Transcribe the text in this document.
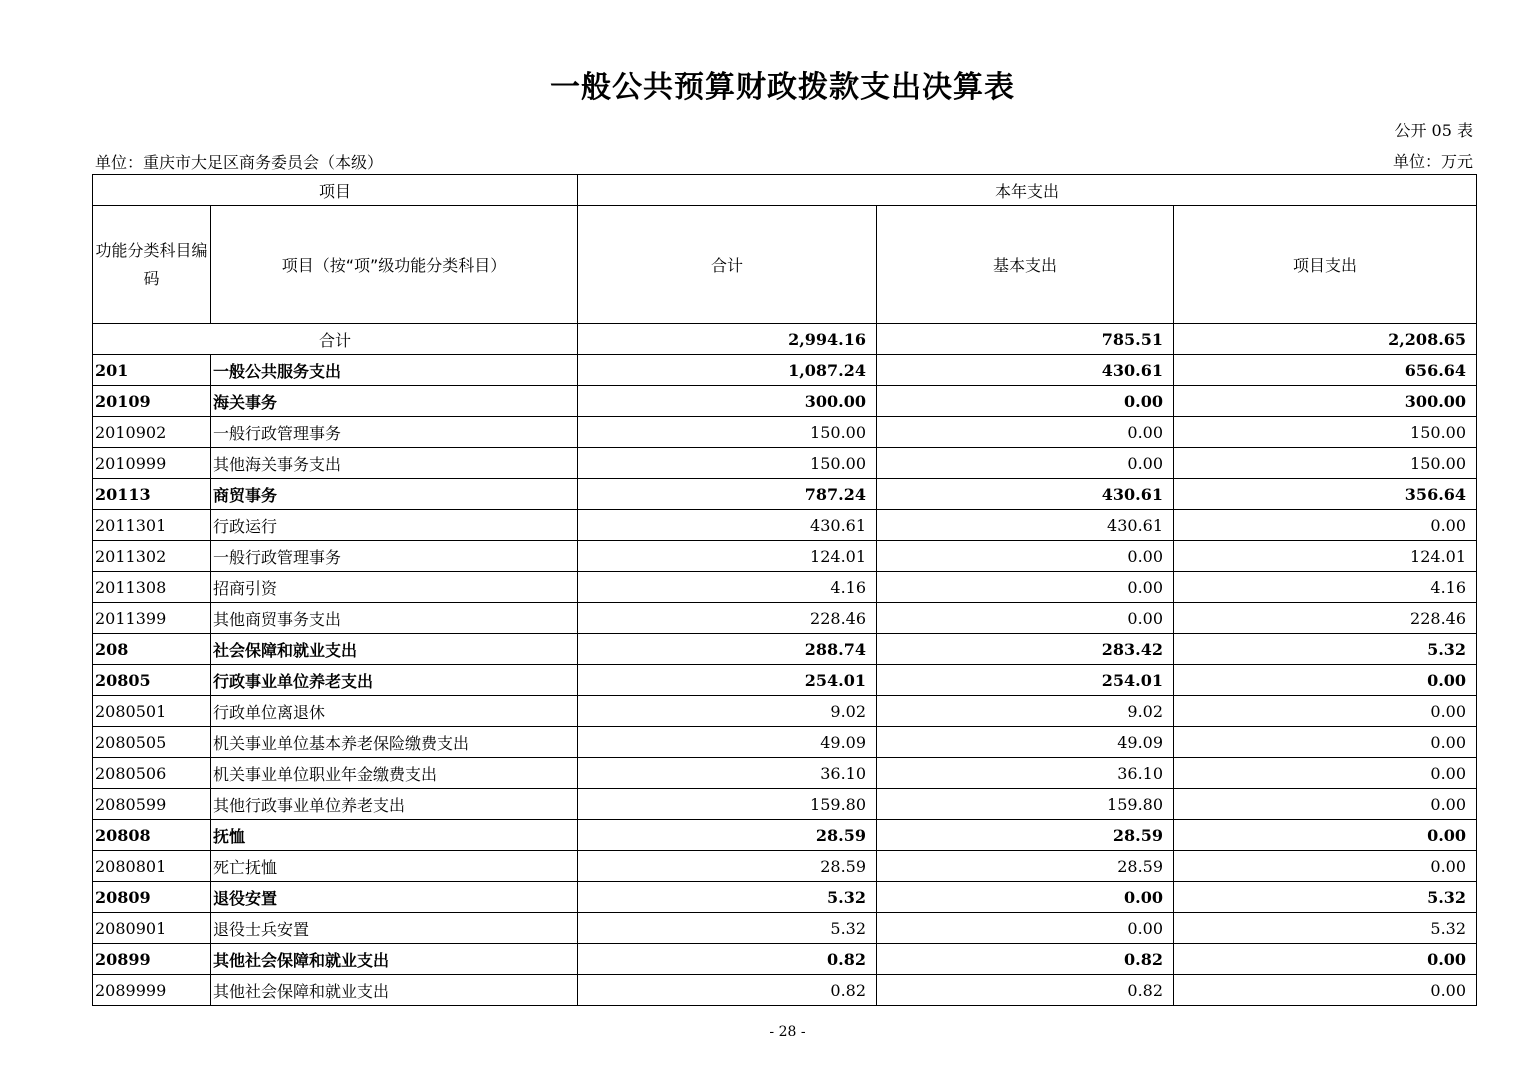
一般公共预算财政拨款支出决算表
公开 05 表
单位：重庆市大足区商务委员会（本级）	单位：万元
项目		本年支出		
功能分类科目编码	项目（按“项”级功能分类科目）	合计	基本支出	项目支出
合计		2,994.16	785.51	2,208.65
201	一般公共服务支出	1,087.24	430.61	656.64
20109	海关事务	300.00	0.00	300.00
2010902	一般行政管理事务	150.00	0.00	150.00
2010999	其他海关事务支出	150.00	0.00	150.00
20113	商贸事务	787.24	430.61	356.64
2011301	行政运行	430.61	430.61	0.00
2011302	一般行政管理事务	124.01	0.00	124.01
2011308	招商引资	4.16	0.00	4.16
2011399	其他商贸事务支出	228.46	0.00	228.46
208	社会保障和就业支出	288.74	283.42	5.32
20805	行政事业单位养老支出	254.01	254.01	0.00
2080501	行政单位离退休	9.02	9.02	0.00
2080505	机关事业单位基本养老保险缴费支出	49.09	49.09	0.00
2080506	机关事业单位职业年金缴费支出	36.10	36.10	0.00
2080599	其他行政事业单位养老支出	159.80	159.80	0.00
20808	抚恤	28.59	28.59	0.00
2080801	死亡抚恤	28.59	28.59	0.00
20809	退役安置	5.32	0.00	5.32
2080901	退役士兵安置	5.32	0.00	5.32
20899	其他社会保障和就业支出	0.82	0.82	0.00
2089999	其他社会保障和就业支出	0.82	0.82	0.00
- 28 -
